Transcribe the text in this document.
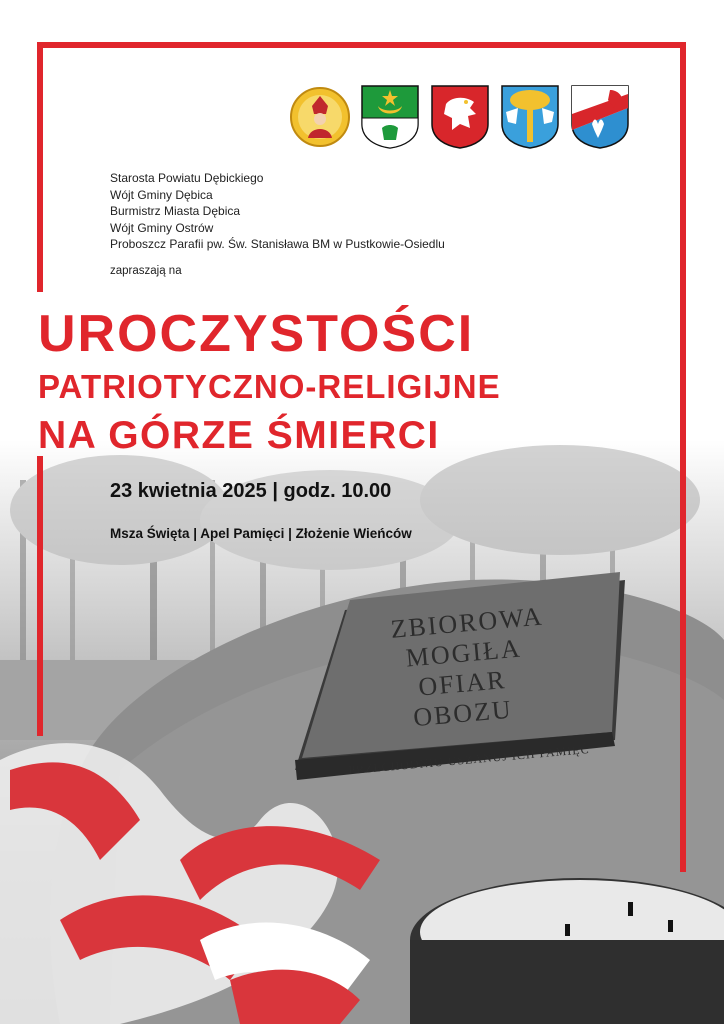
ZBIOROWA
MOGIŁA
OFIAR
OBOZU
PRZECHODNIU USZANUJ ICH PAMIĘĆ
Starosta Powiatu Dębickiego
Wójt Gminy Dębica
Burmistrz Miasta Dębica
Wójt Gminy Ostrów
Proboszcz Parafii pw. Św. Stanisława BM w Pustkowie-Osiedlu
zapraszają na
UROCZYSTOŚCI
PATRIOTYCZNO-RELIGIJNE
NA GÓRZE ŚMIERCI
23 kwietnia 2025 | godz. 10.00
Msza Święta | Apel Pamięci | Złożenie Wieńców
